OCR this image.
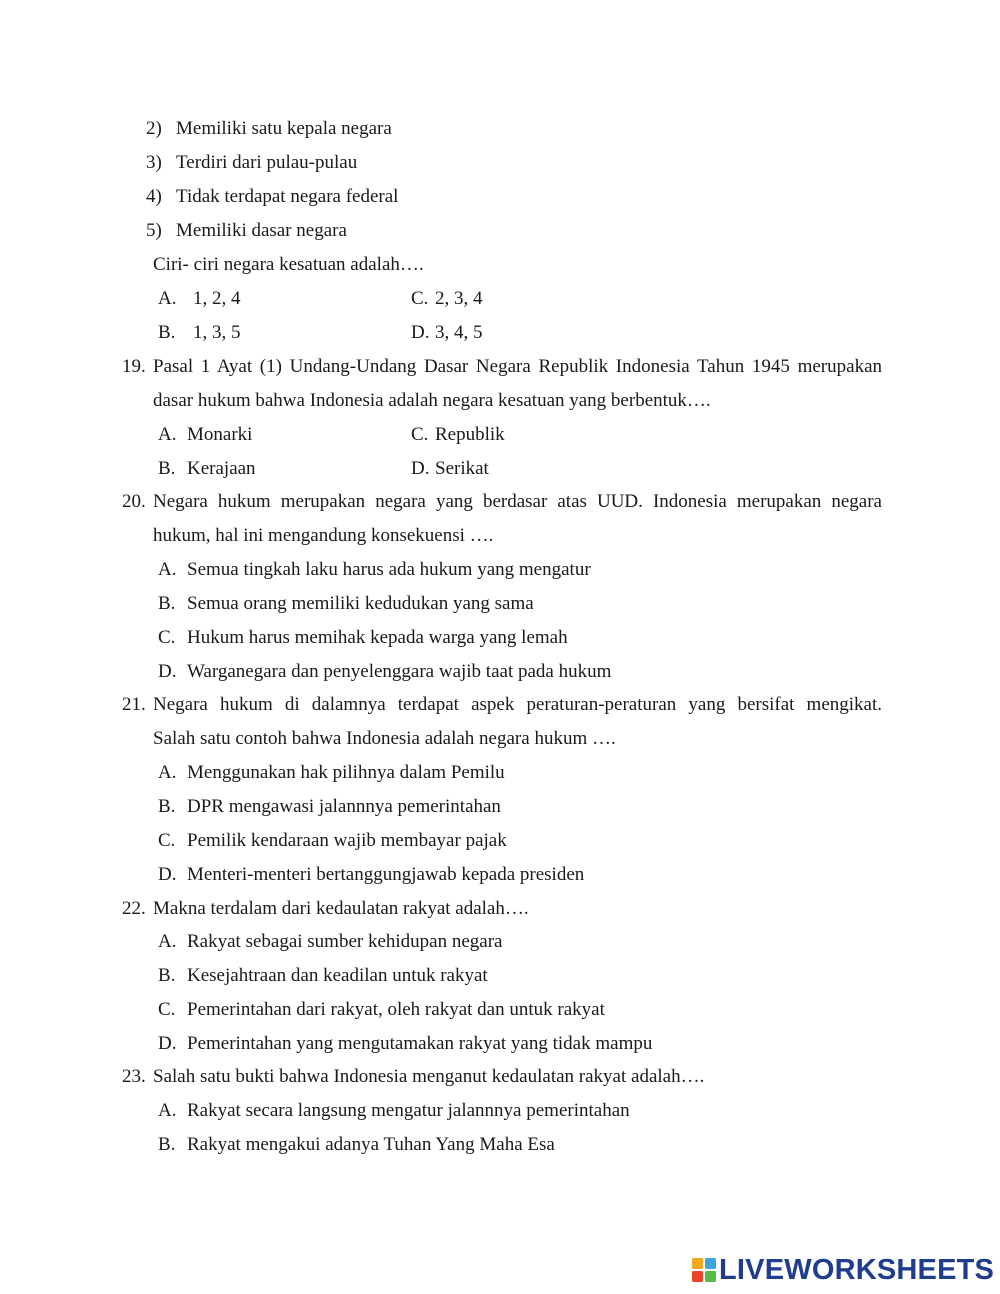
2) Memiliki satu kepala negara
3) Terdiri dari pulau-pulau
4) Tidak terdapat negara federal
5) Memiliki dasar negara
Ciri- ciri negara kesatuan adalah….
A. 1, 2, 4	C. 2, 3, 4
B. 1, 3, 5	D. 3, 4, 5
19. Pasal 1 Ayat (1) Undang-Undang Dasar Negara Republik Indonesia Tahun 1945 merupakan
dasar hukum bahwa Indonesia adalah negara kesatuan yang berbentuk….
A. Monarki	C. Republik
B. Kerajaan	D. Serikat
20. Negara hukum merupakan negara yang berdasar atas UUD. Indonesia merupakan negara
hukum, hal ini mengandung konsekuensi ….
A. Semua tingkah laku harus ada hukum yang mengatur
B. Semua orang memiliki kedudukan yang sama
C. Hukum harus memihak kepada warga yang lemah
D. Warganegara dan penyelenggara wajib taat pada hukum
21. Negara hukum di dalamnya terdapat aspek peraturan-peraturan yang bersifat mengikat.
Salah satu contoh bahwa Indonesia adalah negara hukum ….
A. Menggunakan hak pilihnya dalam Pemilu
B. DPR mengawasi jalannnya pemerintahan
C. Pemilik kendaraan wajib membayar pajak
D. Menteri-menteri bertanggungjawab kepada presiden
22. Makna terdalam dari kedaulatan rakyat adalah….
A. Rakyat sebagai sumber kehidupan negara
B. Kesejahtraan dan keadilan untuk rakyat
C. Pemerintahan dari rakyat, oleh rakyat dan untuk rakyat
D. Pemerintahan yang mengutamakan rakyat yang tidak mampu
23. Salah satu bukti bahwa Indonesia menganut kedaulatan rakyat adalah….
A. Rakyat secara langsung mengatur jalannnya pemerintahan
B. Rakyat mengakui adanya Tuhan Yang Maha Esa
LIVEWORKSHEETS
